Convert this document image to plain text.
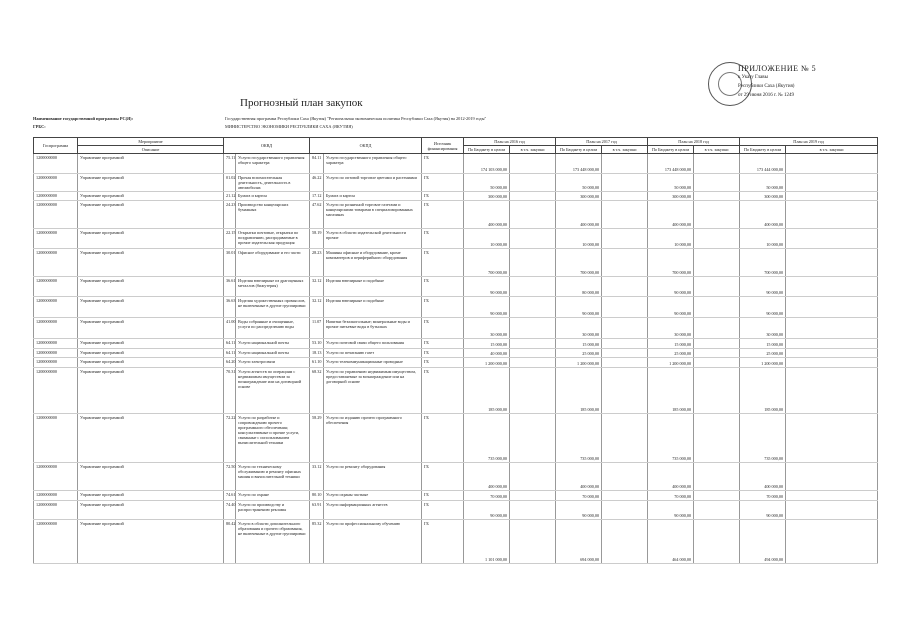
ПРИЛОЖЕНИЕ № 5
к Указу Главы
Республики Саха (Якутия)
от 29 июня 2016 г. № 1249
Прогнозный план закупок
Наименование государственной программы РС(Я):	Государственная программа Республики Саха (Якутия) "Региональная экономическая политика Республики Саха (Якутия) на 2012-2019 годы"
ГРБС:	МИНИСТЕРСТВО ЭКОНОМИКИ РЕСПУБЛИКИ САХА (ЯКУТИЯ)
Госпрограмма	Мероприятие	ОКВД		ОКПД		Источник финансирования	План на 2016 год		План на 2017 год		План на 2018 год		План на 2019 год	
	Описание						По Бюджету в целом	в т.ч. закупки	По Бюджету в целом	в т.ч. закупки	По Бюджету в целом	в т.ч. закупки	По Бюджету в целом	в т.ч. закупки
1200000000	Управление программой	75.11	Услуги государственного управления общего характера	84.11	Услуги государственного управления общего характера	ГБ	174 103 000,00		173 448 000,00		173 448 000,00		173 444 000,00	
1200000000	Управление программой	01.02	Прочая вспомогательная деятельность, деятельность в автомобилях	46.22	Услуги по оптовой торговле цветами и растениями	ГБ	50 000,00		50 000,00		50 000,00		50 000,00	
1200000000	Управление программой	21.12	Бумага и картон	17.12	Бумага и картон	ГБ	300 000,00		300 000,00		300 000,00		300 000,00	
1200000000	Управление программой	24.23	Производство канцелярских бумажных	47.62	Услуги по розничной торговле газетами и канцелярскими товарами в специализированных магазинах	ГБ	400 000,00		400 000,00		400 000,00		400 000,00	
1200000000	Управление программой	22.15	Открытки почтовые, открытки по поздравлению, распродаваемые в прочие издательская продукция	58.19	Услуги в области издательской деятельности прочие	ГБ	10 000,00		10 000,00		10 000,00		10 000,00	
1200000000	Управление программой	30.01	Офисное оборудование и его части	28.23	Машины офисные и оборудование, кроме компьютеров и периферийного оборудования	ГБ	700 000,00		700 000,00		700 000,00		700 000,00	
1200000000	Управление программой	36.61	Изделия ювелирные из драгоценных металлов (бижутерия)	32.12	Изделия ювелирные и подобные	ГБ	90 000,00		80 000,00		90 000,00		90 000,00	
1200000000	Управление программой	36.63	Изделия художественных промыслов, не включенные в другие группировки	32.12	Изделия ювелирные и подобные	ГБ	90 000,00		90 000,00		90 000,00		90 000,00	
1200000000	Управление программой	41.00	Воды собранные и очищенные, услуги по распределению воды	11.07	Напитки безалкогольные; минеральные воды и прочие питьевые воды в бутылках	ГБ	30 000,00		30 000,00		30 000,00		30 000,00	
1200000000	Управление программой	64.11	Услуги национальной почты	53.10	Услуги почтовой связи общего пользования	ГБ	15 000,00		15 000,00		15 000,00		15 000,00	
1200000000	Управление программой	64.11	Услуги национальной почты	18.13	Услуги по печатанию газет	ГБ	40 000,00		25 000,00		25 000,00		25 000,00	
1200000000	Управление программой	64.20	Услуги электросвязи	61.10	Услуги телекоммуникационные проводные	ГБ	1 200 000,00		1 200 000,00		1 200 000,00		1 200 000,00	
1200000000	Управление программой	70.31	Услуги агентств по операциям с недвижимым имуществом за вознаграждение или на договорной основе	68.32	Услуги по управлению недвижимым имуществом, предоставляемые за вознаграждение или на договорной основе	ГБ	185 000,00		185 000,00		185 000,00		185 000,00	
1200000000	Управление программой	72.22	Услуги по разработке и сопровождению прочего программного обеспечения; консультативные и прочие услуги, связанные с использованием вычислительной техники	58.29	Услуги по изданию прочего программного обеспечения	ГБ	735 000,00		735 000,00		735 000,00		735 000,00	
1200000000	Управление программой	72.50	Услуги по техническому обслуживанию и ремонту офисных машин и вычислительной техники	33.12	Услуги по ремонту оборудования	ГБ	400 000,00		400 000,00		400 000,00		400 000,00	
1200000000	Управление программой	74.61	Услуги по охране	80.10	Услуги охраны частные	ГБ	70 000,00		70 000,00		70 000,00		70 000,00	
1200000000	Управление программой	74.40	Услуги по производству и распространению рекламы	63.91	Услуги информационных агентств	ГБ	90 000,00		90 000,00		90 000,00		90 000,00	
1200000000	Управление программой	80.42	Услуги в области дополнительного образования и прочего образования, не включенные в другие группировки	85.32	Услуги по профессиональному обучению	ГБ	1 101 000,00		694 000,00		464 000,00		494 000,00	
